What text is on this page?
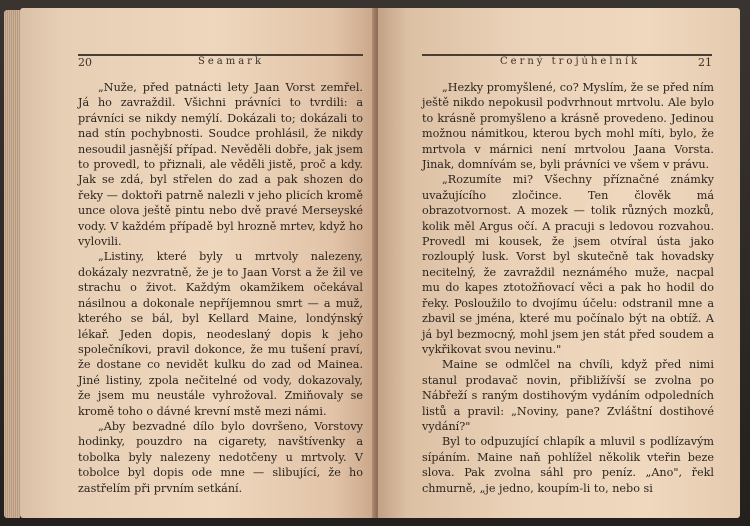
20	Seamark

„Nuže, před patnácti lety Jaan Vorst zemřel. Já ho zavraždil. Všichni právníci to tvrdili: a právníci se nikdy nemýlí. Dokázali to; dokázali to nad stín pochybnosti. Soudce prohlásil, že nikdy nesoudil jasnější případ. Nevěděli dobře, jak jsem to provedl, to přiznali, ale věděli jistě, proč a kdy. Jak se zdá, byl střelen do zad a pak shozen do řeky — doktoři patrně nalezli v jeho plicích kromě unce olova ještě pintu nebo dvě pravé Merseyské vody. V každém případě byl hrozně mrtev, když ho vylovili.

„Listiny, které byly u mrtvoly nalezeny, dokázaly nezvratně, že je to Jaan Vorst a že žil ve strachu o život. Každým okamžikem očekával násilnou a dokonale nepříjemnou smrt — a muž, kterého se bál, byl Kellard Maine, londýnský lékař. Jeden dopis, neodeslaný dopis k jeho společníkovi, pravil dokonce, že mu tušení praví, že dostane co nevidět kulku do zad od Mainea. Jiné listiny, zpola nečitelné od vody, dokazovaly, že jsem mu neustále vyhrožoval. Zmiňovaly se kromě toho o dávné krevní mstě mezi námi.

„Aby bezvadné dílo bylo dovršeno, Vorstovy hodinky, pouzdro na cigarety, navštívenky a tobolka byly nalezeny nedotčeny u mrtvoly. V tobolce byl dopis ode mne — slibující, že ho zastřelím při prvním setkání.

Černý trojúhelník	21

„Hezky promyšlené, co? Myslím, že se před ním ještě nikdo nepokusil podvrhnout mrtvolu. Ale bylo to krásně promyšleno a krásně provedeno. Jedinou možnou námitkou, kterou bych mohl míti, bylo, že mrtvola v márnici není mrtvolou Jaana Vorsta. Jinak, domnívám se, byli právníci ve všem v právu.

„Rozumíte mi? Všechny příznačné známky uvažujícího zločince. Ten člověk má obrazotvornost. A mozek — tolik různých mozků, kolik měl Argus očí. A pracuji s ledovou rozvahou. Provedl mi kousek, že jsem otvíral ústa jako rozlouplý lusk. Vorst byl skutečně tak hovadsky necitelný, že zavraždil neznámého muže, nacpal mu do kapes ztotožňovací věci a pak ho hodil do řeky. Posloužilo to dvojímu účelu: odstranil mne a zbavil se jména, které mu počínalo být na obtíž. A já byl bezmocný, mohl jsem jen stát před soudem a vykřikovat svou nevinu."

Maine se odmlčel na chvíli, když před nimi stanul prodavač novin, přibližívší se zvolna po Nábřeží s raným dostihovým vydáním odpoledních listů a pravil: „Noviny, pane? Zvláštní dostihové vydání?"

Byl to odpuzující chlapík a mluvil s podlízavým sípáním. Maine naň pohlížel několik vteřin beze slova. Pak zvolna sáhl pro peníz. „Ano", řekl chmurně, „je jedno, koupím-li to, nebo si
